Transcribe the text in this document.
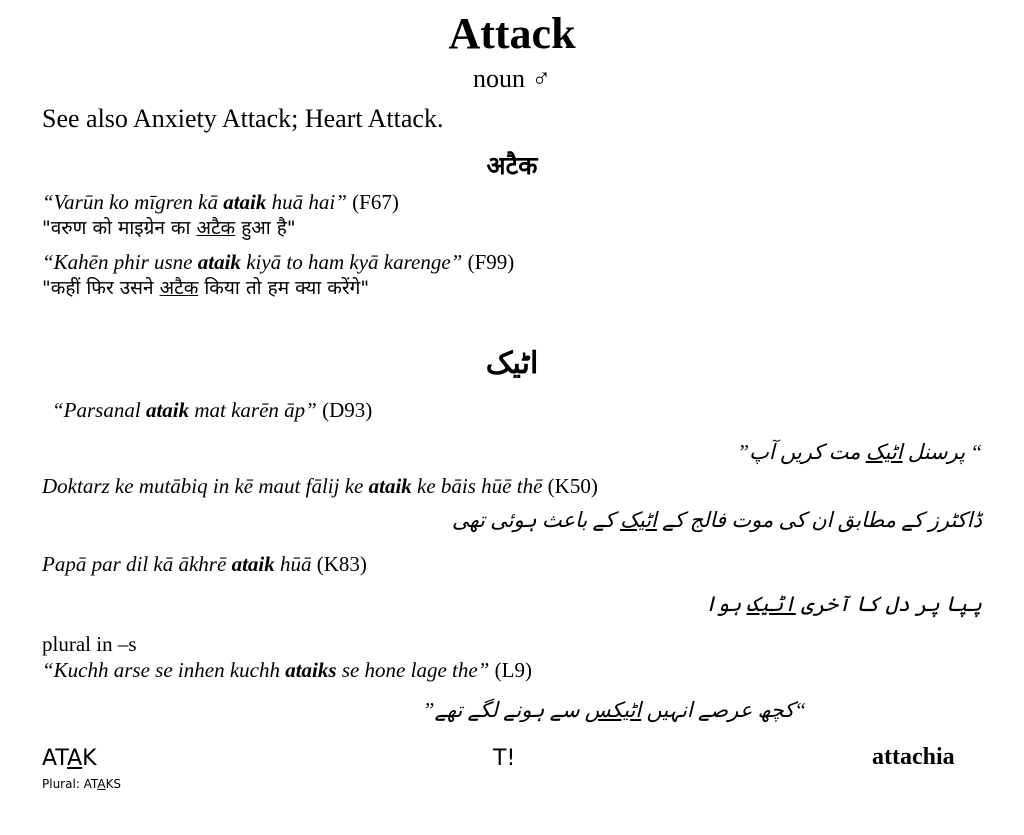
Attack
noun ♂
See also Anxiety Attack; Heart Attack.
अटैक
“Varūn ko mīgren kā ataik huā hai” (F67)
"वरुण को माइग्रेन का अटैक हुआ है"
“Kahēn phir usne ataik kiyā to ham kyā karenge” (F99)
"कहीं फिर उसने अटैक किया तो हम क्या करेंगे"
اٹیک
“Parsanal ataik mat karēn āp” (D93)
“ پرسنل اٹیک مت کریں آپ”
Doktarz ke mutābiq in kē maut fālij ke ataik ke bāis hūē thē (K50)
ڈاکٹرز کے مطابق ان کی موت فالج کے اٹیک کے باعث ہوئی تھی
Papā par dil kā ākhrē ataik hūā (K83)
پپا پر دل کا آخری اٹیک ہوا
plural in –s
“Kuchh arse se inhen kuchh ataiks se hone lage the” (L9)
“کچھ عرصے انہیں اٹیکس سے ہونے لگے تھے”
ATAK
Plural: ATAKS
T!	attachia
